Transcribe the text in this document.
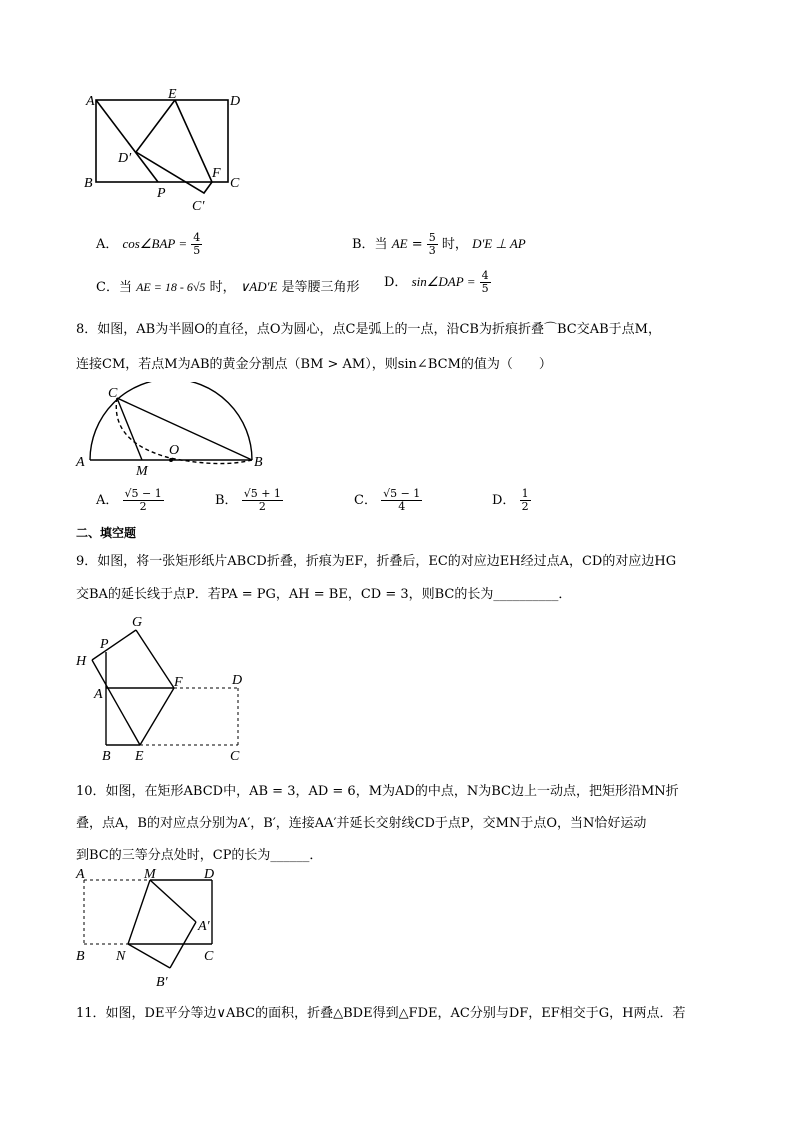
A	E	D
D′
B
P
F
C
C′
A． cos∠BAP = $\frac{4}{5}$	B．当 AE = $\frac{5}{3}$ 时， D′E ⊥ AP
C．当 AE = 18 - 6√5 时， ∨AD′E 是等腰三角形 D． sin∠DAP = $\frac{4}{5}$
8．如图，AB为半圆O的直径，点O为圆心，点C是弧上的一点，沿CB为折痕折叠⌒BC交AB于点M，
连接CM，若点M为AB的黄金分割点（BM > AM），则sin∠BCM的值为（　　）
C
A
M
O
B
A． $\frac{√5 - 1}{2}$	B． $\frac{√5 + 1}{2}$	C． $\frac{√5 - 1}{4}$	D． $\frac{1}{2}$
二、填空题
9．如图，将一张矩形纸片ABCD折叠，折痕为EF，折叠后，EC的对应边EH经过点A，CD的对应边HG
交BA的延长线于点P．若PA = PG，AH = BE，CD = 3，则BC的长为__________．
G
P
H
A
F	D
B E	C
10．如图，在矩形ABCD中，AB = 3，AD = 6，M为AD的中点，N为BC边上一动点，把矩形沿MN折
叠，点A，B的对应点分别为A′，B′，连接AA′并延长交射线CD于点P，交MN于点O，当N恰好运动
到BC的三等分点处时，CP的长为______．
A	M	D
A′
B N	C
B′
11．如图，DE平分等边∨ABC的面积，折叠△BDE得到△FDE，AC分别与DF，EF相交于G，H两点．若
